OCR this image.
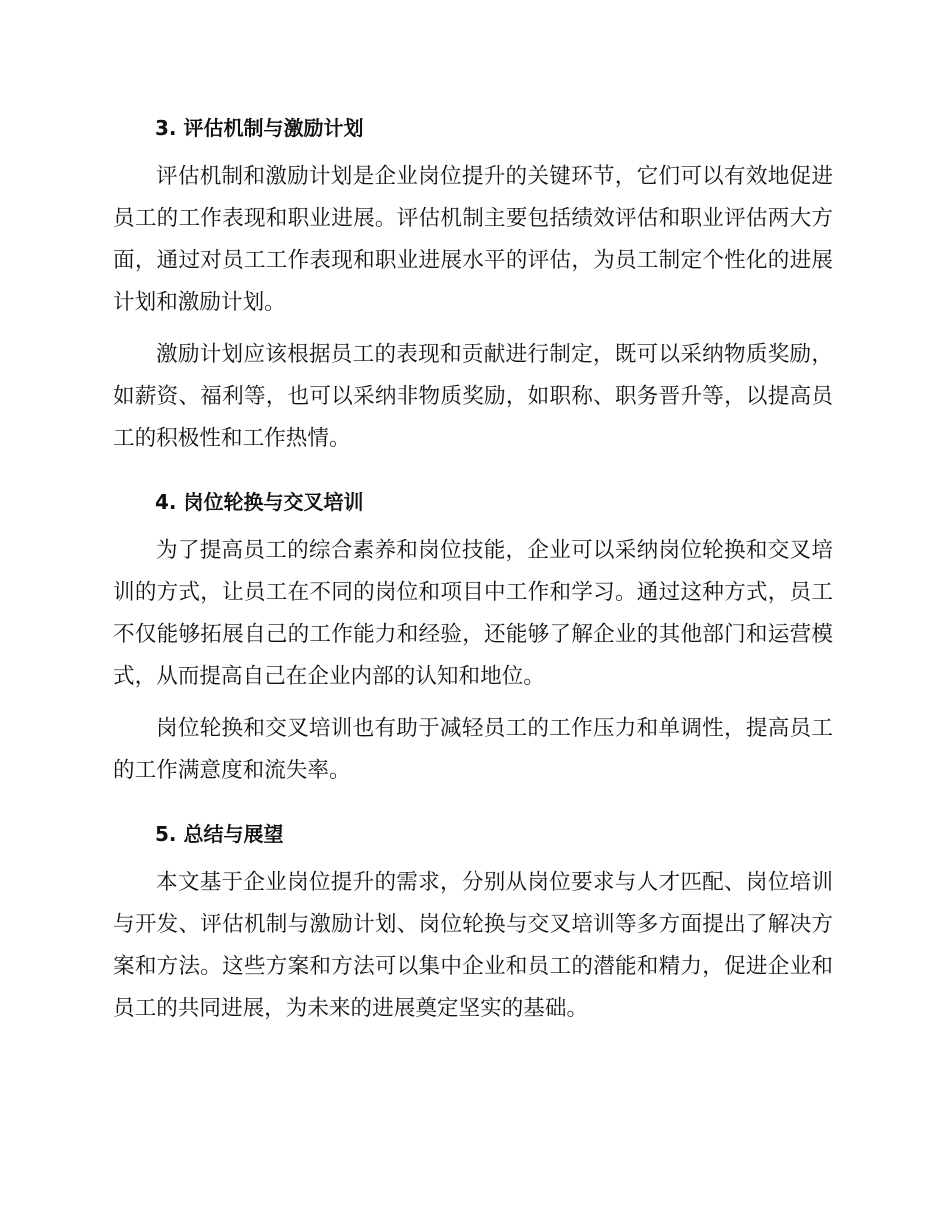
3. 评估机制与激励计划

评估机制和激励计划是企业岗位提升的关键环节，它们可以有效地促进员工的工作表现和职业进展。评估机制主要包括绩效评估和职业评估两大方面，通过对员工工作表现和职业进展水平的评估，为员工制定个性化的进展计划和激励计划。

激励计划应该根据员工的表现和贡献进行制定，既可以采纳物质奖励，如薪资、福利等，也可以采纳非物质奖励，如职称、职务晋升等，以提高员工的积极性和工作热情。

4. 岗位轮换与交叉培训

为了提高员工的综合素养和岗位技能，企业可以采纳岗位轮换和交叉培训的方式，让员工在不同的岗位和项目中工作和学习。通过这种方式，员工不仅能够拓展自己的工作能力和经验，还能够了解企业的其他部门和运营模式，从而提高自己在企业内部的认知和地位。

岗位轮换和交叉培训也有助于减轻员工的工作压力和单调性，提高员工的工作满意度和流失率。

5. 总结与展望

本文基于企业岗位提升的需求，分别从岗位要求与人才匹配、岗位培训与开发、评估机制与激励计划、岗位轮换与交叉培训等多方面提出了解决方案和方法。这些方案和方法可以集中企业和员工的潜能和精力，促进企业和员工的共同进展，为未来的进展奠定坚实的基础。
